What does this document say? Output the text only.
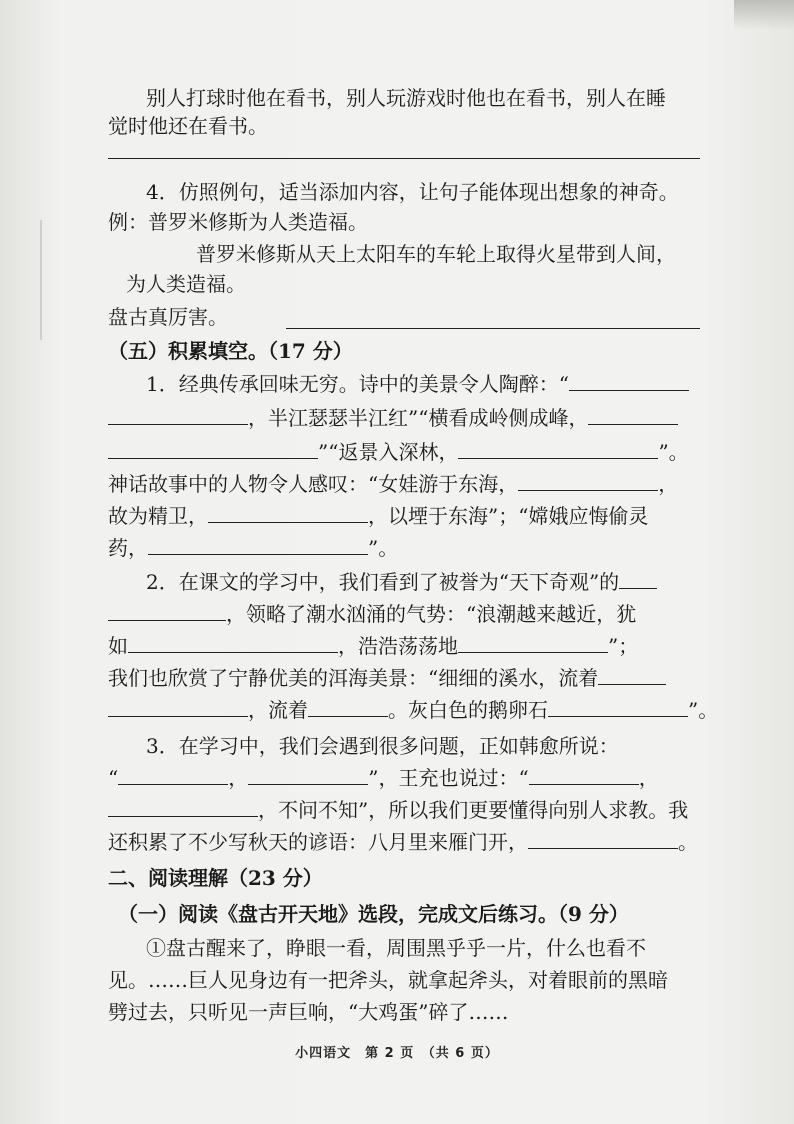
别人打球时他在看书，别人玩游戏时他也在看书，别人在睡
觉时他还在看书。
4．仿照例句，适当添加内容，让句子能体现出想象的神奇。
例：普罗米修斯为人类造福。
普罗米修斯从天上太阳车的车轮上取得火星带到人间，
为人类造福。
盘古真厉害。
（五）积累填空。（17 分）
1．经典传承回味无穷。诗中的美景令人陶醉：“
，半江瑟瑟半江红”“横看成岭侧成峰，
”“返景入深林，	”。
神话故事中的人物令人感叹：“女娃游于东海，	，
故为精卫，	，以堙于东海”；“嫦娥应悔偷灵
药，	”。
2．在课文的学习中，我们看到了被誉为“天下奇观”的
，领略了潮水汹涌的气势：“浪潮越来越近，犹
如	，浩浩荡荡地	”；
我们也欣赏了宁静优美的洱海美景：“细细的溪水，流着
，流着	。灰白色的鹅卵石	”。
3．在学习中，我们会遇到很多问题，正如韩愈所说：
“	，	”，王充也说过：“	，
，不问不知”，所以我们更要懂得向别人求教。我
还积累了不少写秋天的谚语：八月里来雁门开，	。
二、阅读理解（23 分）
（一）阅读《盘古开天地》选段，完成文后练习。（9 分）
①盘古醒来了，睁眼一看，周围黑乎乎一片，什么也看不
见。……巨人见身边有一把斧头，就拿起斧头，对着眼前的黑暗
劈过去，只听见一声巨响，“大鸡蛋”碎了……
小四语文　第 2 页　（共 6 页）
